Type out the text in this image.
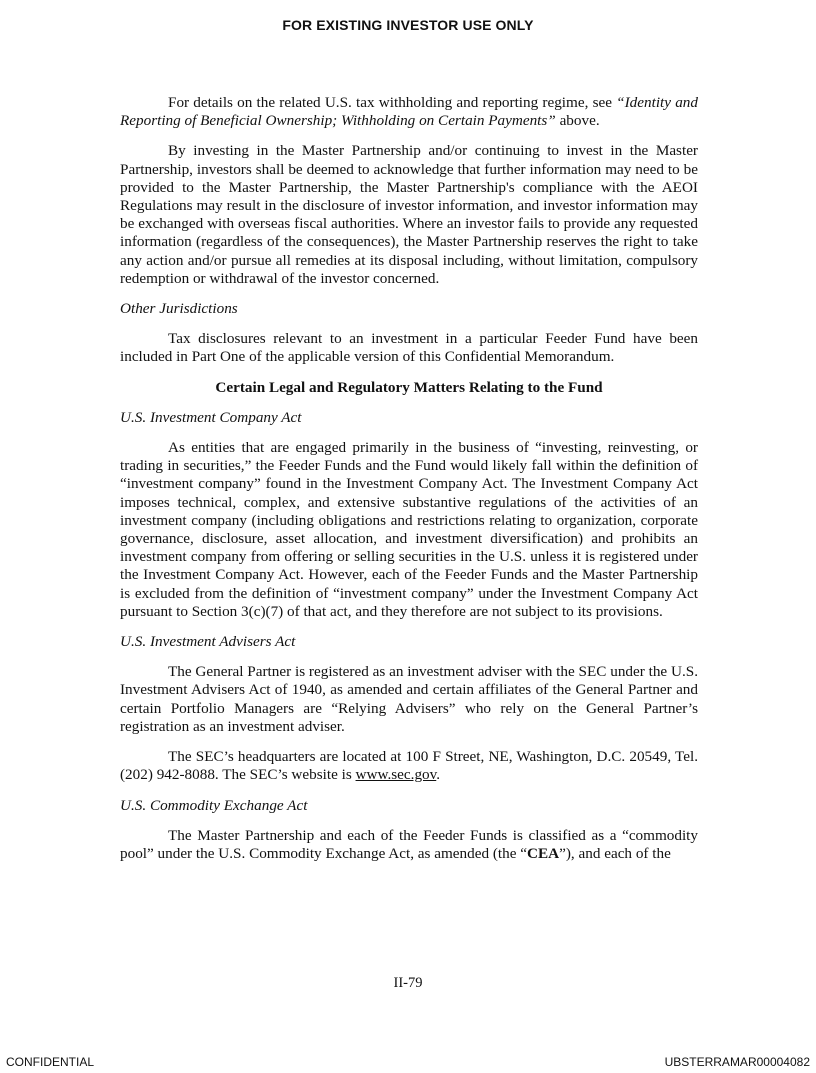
FOR EXISTING INVESTOR USE ONLY

For details on the related U.S. tax withholding and reporting regime, see “Identity and Reporting of Beneficial Ownership; Withholding on Certain Payments” above.

By investing in the Master Partnership and/or continuing to invest in the Master Partnership, investors shall be deemed to acknowledge that further information may need to be provided to the Master Partnership, the Master Partnership's compliance with the AEOI Regulations may result in the disclosure of investor information, and investor information may be exchanged with overseas fiscal authorities. Where an investor fails to provide any requested information (regardless of the consequences), the Master Partnership reserves the right to take any action and/or pursue all remedies at its disposal including, without limitation, compulsory redemption or withdrawal of the investor concerned.

Other Jurisdictions

Tax disclosures relevant to an investment in a particular Feeder Fund have been included in Part One of the applicable version of this Confidential Memorandum.

Certain Legal and Regulatory Matters Relating to the Fund

U.S. Investment Company Act

As entities that are engaged primarily in the business of “investing, reinvesting, or trading in securities,” the Feeder Funds and the Fund would likely fall within the definition of “investment company” found in the Investment Company Act. The Investment Company Act imposes technical, complex, and extensive substantive regulations of the activities of an investment company (including obligations and restrictions relating to organization, corporate governance, disclosure, asset allocation, and investment diversification) and prohibits an investment company from offering or selling securities in the U.S. unless it is registered under the Investment Company Act. However, each of the Feeder Funds and the Master Partnership is excluded from the definition of “investment company” under the Investment Company Act pursuant to Section 3(c)(7) of that act, and they therefore are not subject to its provisions.

U.S. Investment Advisers Act

The General Partner is registered as an investment adviser with the SEC under the U.S. Investment Advisers Act of 1940, as amended and certain affiliates of the General Partner and certain Portfolio Managers are “Relying Advisers” who rely on the General Partner’s registration as an investment adviser.

The SEC’s headquarters are located at 100 F Street, NE, Washington, D.C. 20549, Tel. (202) 942-8088. The SEC’s website is www.sec.gov.

U.S. Commodity Exchange Act

The Master Partnership and each of the Feeder Funds is classified as a “commodity pool” under the U.S. Commodity Exchange Act, as amended (the “CEA”), and each of the

II-79
CONFIDENTIAL	UBSTERRAMAR00004082
